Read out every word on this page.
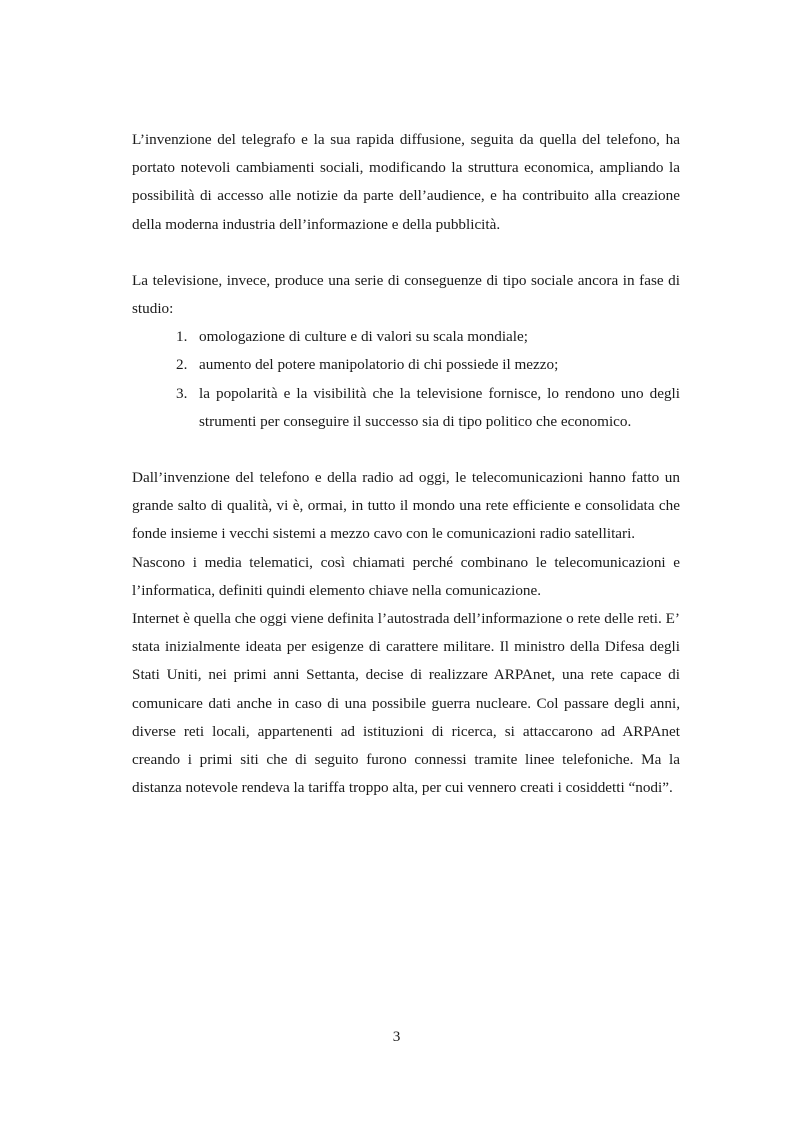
L’invenzione del telegrafo e la sua rapida diffusione, seguita da quella del telefono, ha portato notevoli cambiamenti sociali, modificando la struttura economica, ampliando la possibilità di accesso alle notizie da parte dell’audience, e ha contribuito alla creazione della moderna industria dell’informazione e della pubblicità.

La televisione, invece, produce una serie di conseguenze di tipo sociale ancora in fase di studio:

1. omologazione di culture e di valori su scala mondiale;
2. aumento del potere manipolatorio di chi possiede il mezzo;
3. la popolarità e la visibilità che la televisione fornisce, lo rendono uno degli strumenti per conseguire il successo sia di tipo politico che economico.

Dall’invenzione del telefono e della radio ad oggi, le telecomunicazioni hanno fatto un grande salto di qualità, vi è, ormai, in tutto il mondo una rete efficiente e consolidata che fonde insieme i vecchi sistemi a mezzo cavo con le comunicazioni radio satellitari.

Nascono i media telematici, così chiamati perché combinano le telecomunicazioni e l’informatica, definiti quindi elemento chiave nella comunicazione.

Internet è quella che oggi viene definita l’autostrada dell’informazione o rete delle reti. E’ stata inizialmente ideata per esigenze di carattere militare. Il ministro della Difesa degli Stati Uniti, nei primi anni Settanta, decise di realizzare ARPAnet, una rete capace di comunicare dati anche in caso di una possibile guerra nucleare. Col passare degli anni, diverse reti locali, appartenenti ad istituzioni di ricerca, si attaccarono ad ARPAnet creando i primi siti che di seguito furono connessi tramite linee telefoniche. Ma la distanza notevole rendeva la tariffa troppo alta, per cui vennero creati i cosiddetti “nodi”.

3
